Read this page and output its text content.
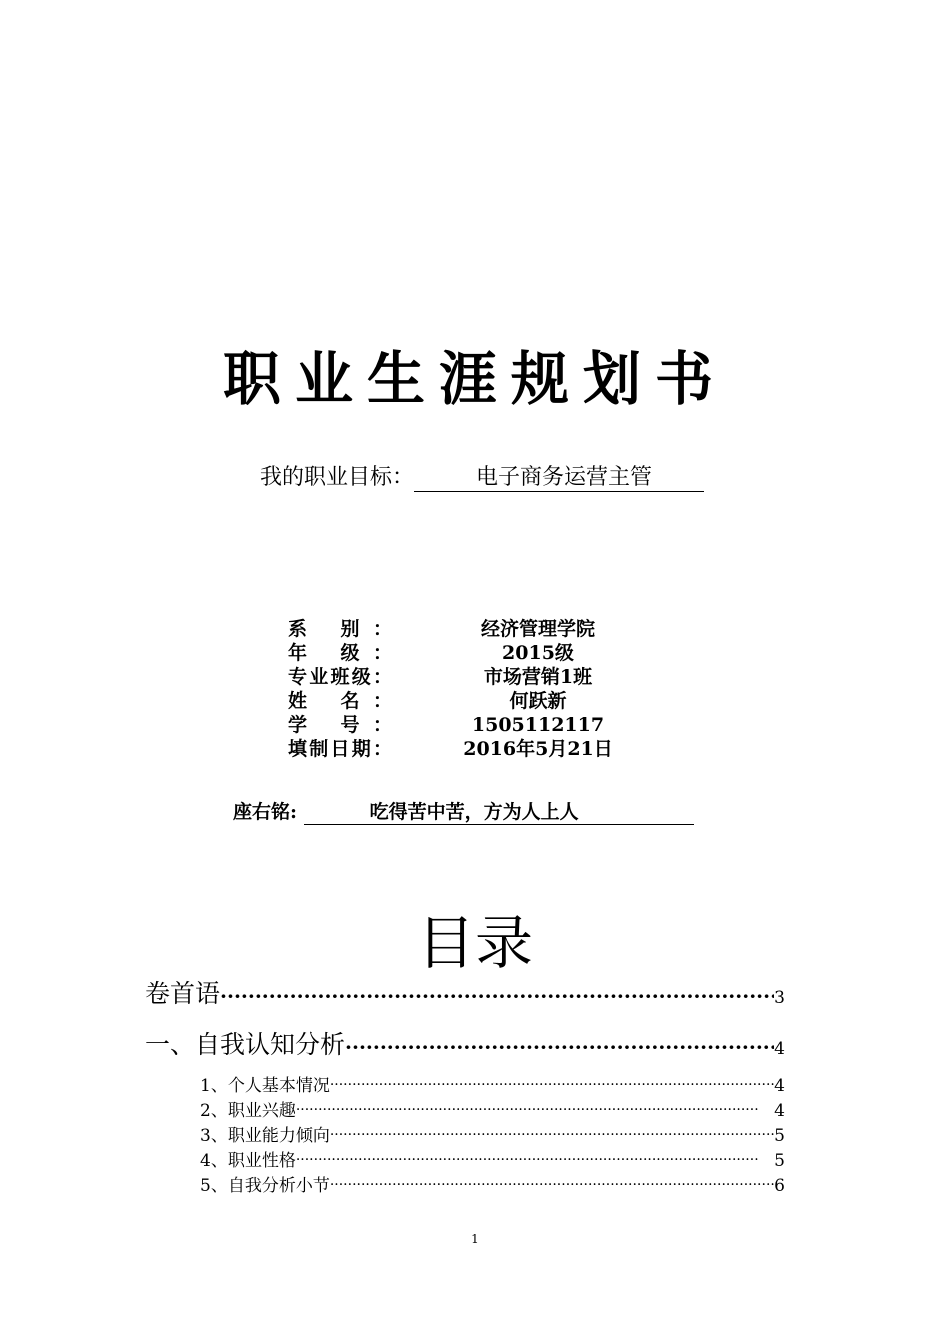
职业生涯规划书
我的职业目标：	电子商务运营主管
系 别：	经济管理学院
年 级：	2015级
专业班级：	市场营销1班
姓 名：	何跃新
学 号：	1505112117
填制日期：	2016年5月21日
座右铭:	吃得苦中苦，方为人上人
目录
卷首语 ·····	3
一、自我认知分析 ·····	4
1、个人基本情况 ·····	4
2、职业兴趣 ·····	4
3、职业能力倾向 ·····	5
4、职业性格 ·····	5
5、自我分析小节 ·····	6
1
